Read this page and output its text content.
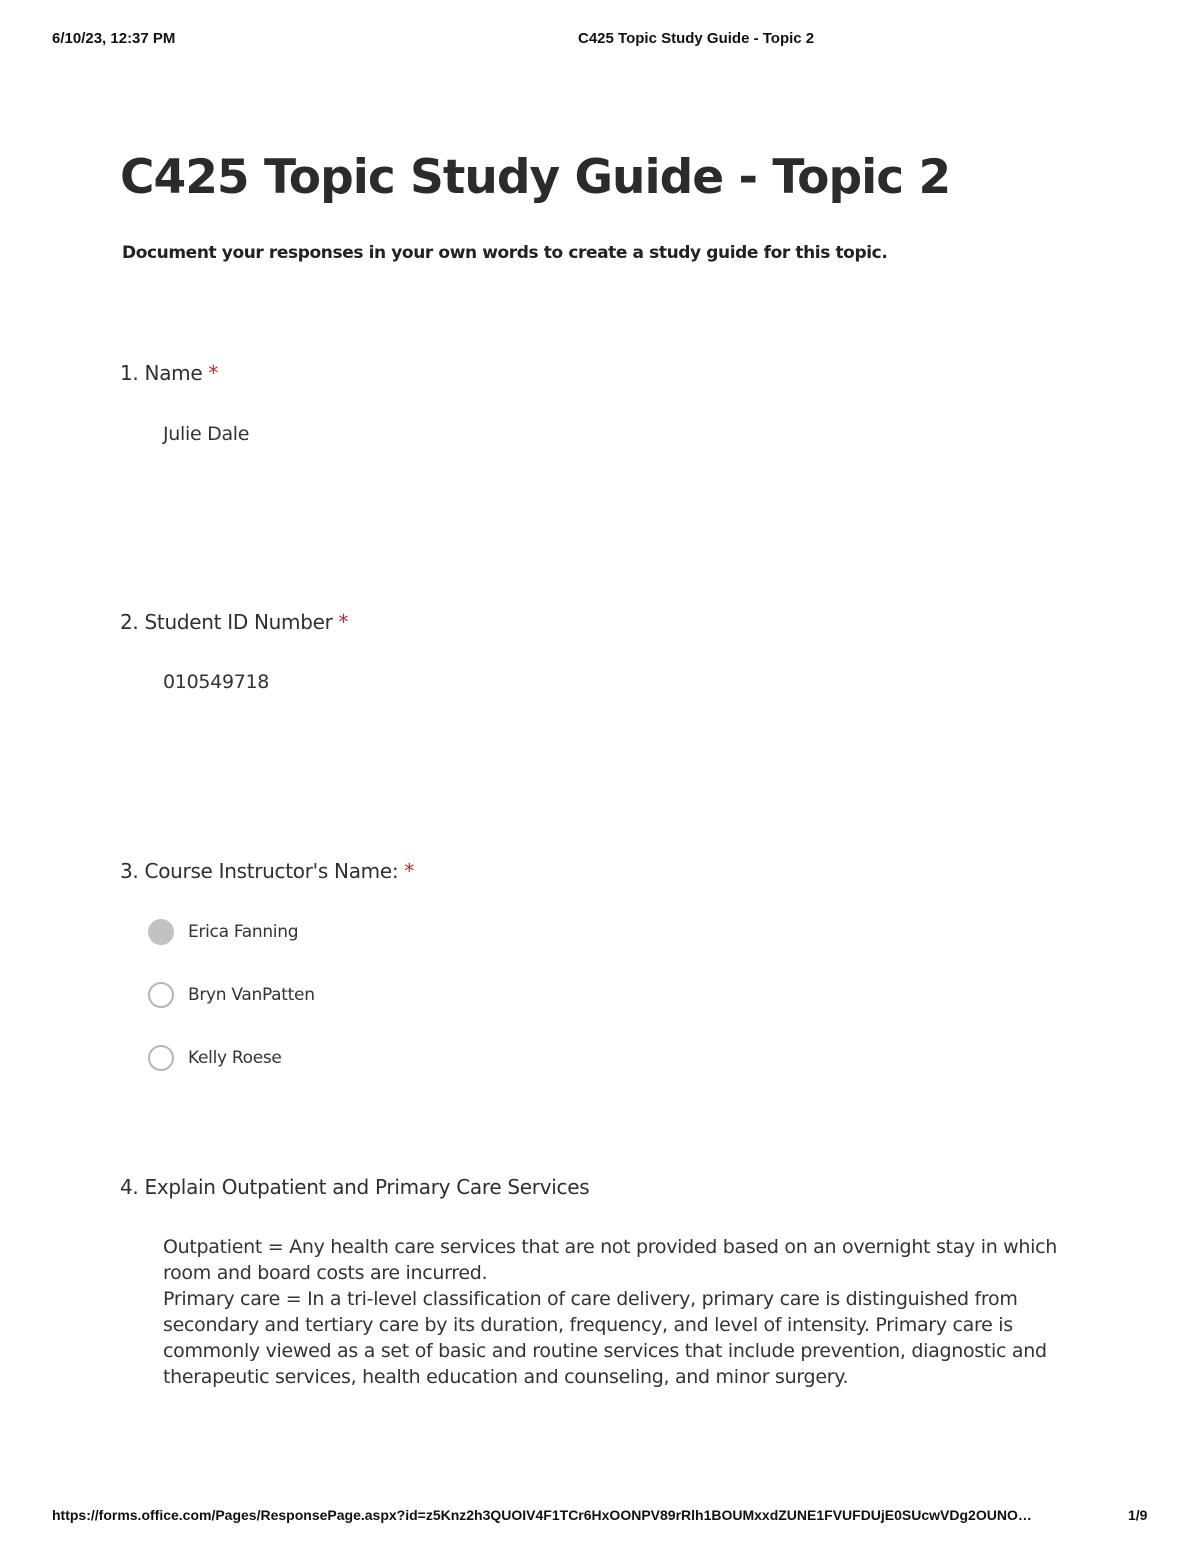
6/10/23, 12:37 PM	C425 Topic Study Guide - Topic 2
C425 Topic Study Guide - Topic 2
Document your responses in your own words to create a study guide for this topic.
1. Name *
Julie Dale
2. Student ID Number *
010549718
3. Course Instructor's Name: *
Erica Fanning
Bryn VanPatten
Kelly Roese
4. Explain Outpatient and Primary Care Services
Outpatient = Any health care services that are not provided based on an overnight stay in which room and board costs are incurred.
Primary care = In a tri-level classification of care delivery, primary care is distinguished from secondary and tertiary care by its duration, frequency, and level of intensity. Primary care is commonly viewed as a set of basic and routine services that include prevention, diagnostic and therapeutic services, health education and counseling, and minor surgery.
https://forms.office.com/Pages/ResponsePage.aspx?id=z5Knz2h3QUOIV4F1TCr6HxOONPV89rRlh1BOUMxxdZUNE1FVUFDUjE0SUcwVDg2OUNO…	1/9
